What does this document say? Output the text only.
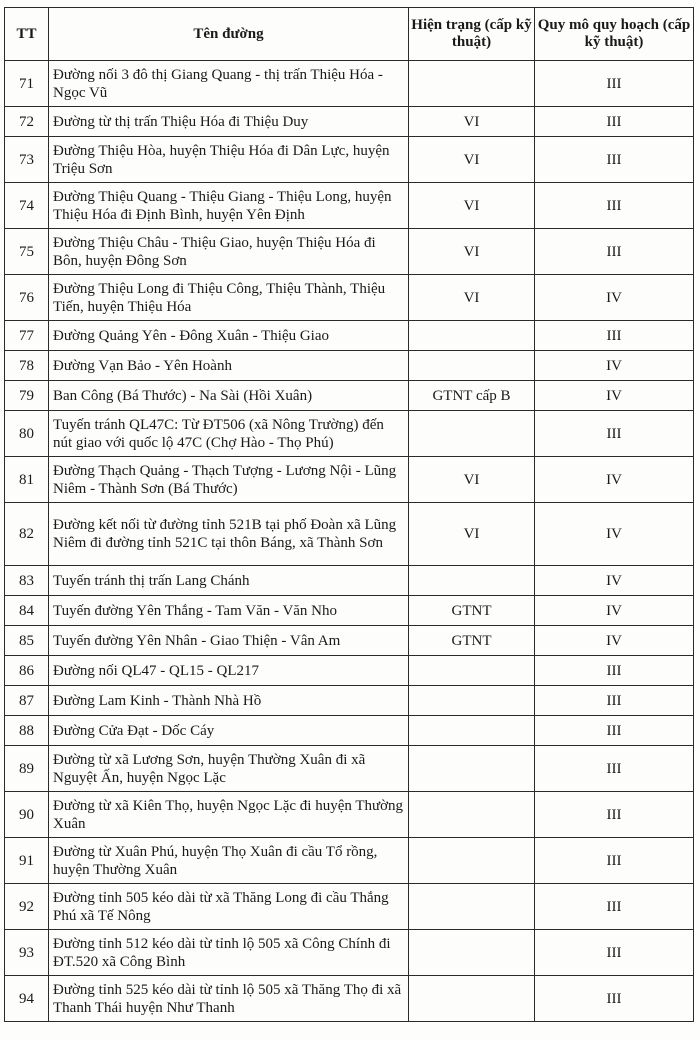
TT	Tên đường	Hiện trạng (cấp kỹ thuật)	Quy mô quy hoạch (cấp kỹ thuật)
71	Đường nối 3 đô thị Giang Quang - thị trấn Thiệu Hóa - Ngọc Vũ		III
72	Đường từ thị trấn Thiệu Hóa đi Thiệu Duy	VI	III
73	Đường Thiệu Hòa, huyện Thiệu Hóa đi Dân Lực, huyện Triệu Sơn	VI	III
74	Đường Thiệu Quang - Thiệu Giang - Thiệu Long, huyện Thiệu Hóa đi Định Bình, huyện Yên Định	VI	III
75	Đường Thiệu Châu - Thiệu Giao, huyện Thiệu Hóa đi Bôn, huyện Đông Sơn	VI	III
76	Đường Thiệu Long đi Thiệu Công, Thiệu Thành, Thiệu Tiến, huyện Thiệu Hóa	VI	IV
77	Đường Quảng Yên - Đông Xuân - Thiệu Giao		III
78	Đường Vạn Bảo - Yên Hoành		IV
79	Ban Công (Bá Thước) - Na Sài (Hồi Xuân)	GTNT cấp B	IV
80	Tuyến tránh QL47C: Từ ĐT506 (xã Nông Trường) đến nút giao với quốc lộ 47C (Chợ Hào - Thọ Phú)		III
81	Đường Thạch Quảng - Thạch Tượng - Lương Nội - Lũng Niêm - Thành Sơn (Bá Thước)	VI	IV
82	Đường kết nối từ đường tỉnh 521B tại phố Đoàn xã Lũng Niêm đi đường tỉnh 521C tại thôn Báng, xã Thành Sơn	VI	IV
83	Tuyến tránh thị trấn Lang Chánh		IV
84	Tuyến đường Yên Thắng - Tam Văn - Văn Nho	GTNT	IV
85	Tuyến đường Yên Nhân - Giao Thiện - Vân Am	GTNT	IV
86	Đường nối QL47 - QL15 - QL217		III
87	Đường Lam Kinh - Thành Nhà Hồ		III
88	Đường Cửa Đạt - Dốc Cáy		III
89	Đường từ xã Lương Sơn, huyện Thường Xuân đi xã Nguyệt Ấn, huyện Ngọc Lặc		III
90	Đường từ xã Kiên Thọ, huyện Ngọc Lặc đi huyện Thường Xuân		III
91	Đường từ Xuân Phú, huyện Thọ Xuân đi cầu Tổ rồng, huyện Thường Xuân		III
92	Đường tỉnh 505 kéo dài từ xã Thăng Long đi cầu Thắng Phú xã Tế Nông		III
93	Đường tỉnh 512 kéo dài từ tỉnh lộ 505 xã Công Chính đi ĐT.520 xã Công Bình		III
94	Đường tỉnh 525 kéo dài từ tỉnh lộ 505 xã Thăng Thọ đi xã Thanh Thái huyện Như Thanh		III
